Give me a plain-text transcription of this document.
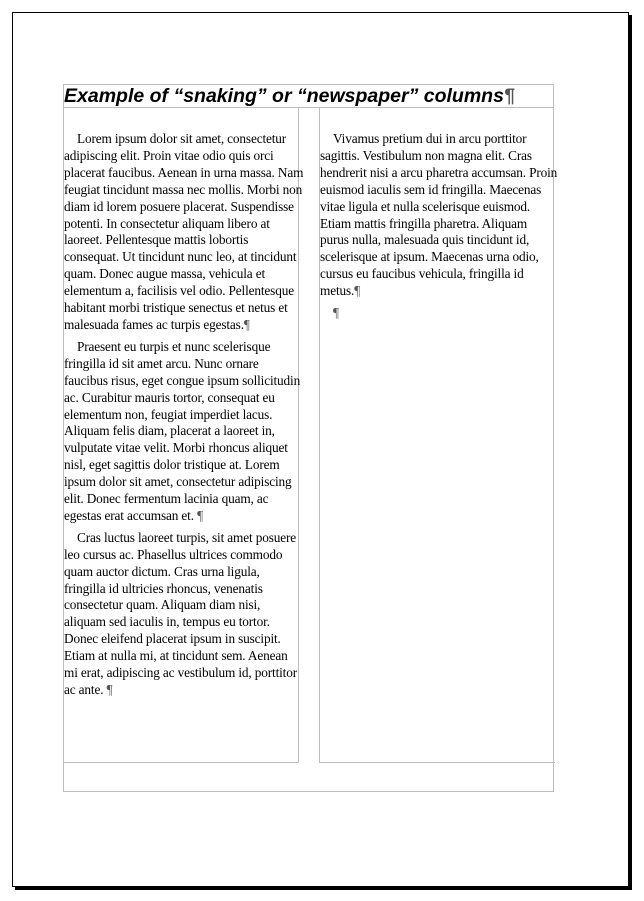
Example of “snaking” or “newspaper” columns¶

Lorem ipsum dolor sit amet, consectetur adipiscing elit. Proin vitae odio quis orci placerat faucibus. Aenean in urna massa. Nam feugiat tincidunt massa nec mollis. Morbi non diam id lorem posuere placerat. Suspendisse potenti. In consectetur aliquam libero at laoreet. Pellentesque mattis lobortis consequat. Ut tincidunt nunc leo, at tincidunt quam. Donec augue massa, vehicula et elementum a, facilisis vel odio. Pellentesque habitant morbi tristique senectus et netus et malesuada fames ac turpis egestas.¶

Praesent eu turpis et nunc scelerisque fringilla id sit amet arcu. Nunc ornare faucibus risus, eget congue ipsum sollicitudin ac. Curabitur mauris tortor, consequat eu elementum non, feugiat imperdiet lacus. Aliquam felis diam, placerat a laoreet in, vulputate vitae velit. Morbi rhoncus aliquet nisl, eget sagittis dolor tristique at. Lorem ipsum dolor sit amet, consectetur adipiscing elit. Donec fermentum lacinia quam, ac egestas erat accumsan et. ¶

Cras luctus laoreet turpis, sit amet posuere leo cursus ac. Phasellus ultrices commodo quam auctor dictum. Cras urna ligula, fringilla id ultricies rhoncus, venenatis consectetur quam. Aliquam diam nisi, aliquam sed iaculis in, tempus eu tortor. Donec eleifend placerat ipsum in suscipit. Etiam at nulla mi, at tincidunt sem. Aenean mi erat, adipiscing ac vestibulum id, porttitor ac ante. ¶

Vivamus pretium dui in arcu porttitor sagittis. Vestibulum non magna elit. Cras hendrerit nisi a arcu pharetra accumsan. Proin euismod iaculis sem id fringilla. Maecenas vitae ligula et nulla scelerisque euismod. Etiam mattis fringilla pharetra. Aliquam purus nulla, malesuada quis tincidunt id, scelerisque at ipsum. Maecenas urna odio, cursus eu faucibus vehicula, fringilla id metus.¶

¶
